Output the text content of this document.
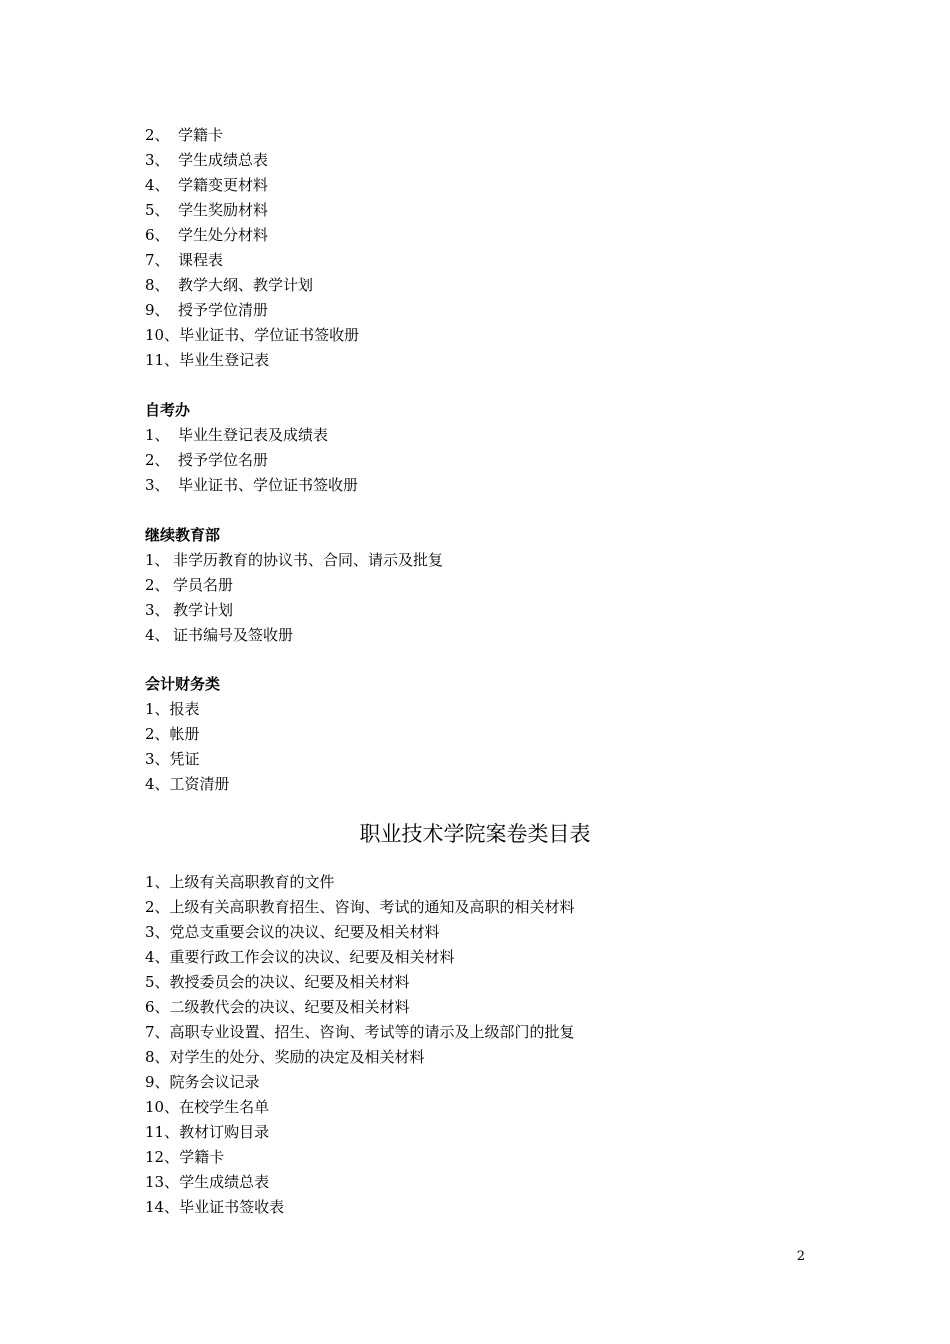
2、 学籍卡
3、 学生成绩总表
4、 学籍变更材料
5、 学生奖励材料
6、 学生处分材料
7、 课程表
8、 教学大纲、教学计划
9、 授予学位清册
10、毕业证书、学位证书签收册
11、毕业生登记表
自考办
1、 毕业生登记表及成绩表
2、 授予学位名册
3、 毕业证书、学位证书签收册
继续教育部
1、 非学历教育的协议书、合同、请示及批复
2、 学员名册
3、 教学计划
4、 证书编号及签收册
会计财务类
1、报表
2、帐册
3、凭证
4、工资清册
职业技术学院案卷类目表
1、上级有关高职教育的文件
2、上级有关高职教育招生、咨询、考试的通知及高职的相关材料
3、党总支重要会议的决议、纪要及相关材料
4、重要行政工作会议的决议、纪要及相关材料
5、教授委员会的决议、纪要及相关材料
6、二级教代会的决议、纪要及相关材料
7、高职专业设置、招生、咨询、考试等的请示及上级部门的批复
8、对学生的处分、奖励的决定及相关材料
9、院务会议记录
10、在校学生名单
11、教材订购目录
12、学籍卡
13、学生成绩总表
14、毕业证书签收表
2
